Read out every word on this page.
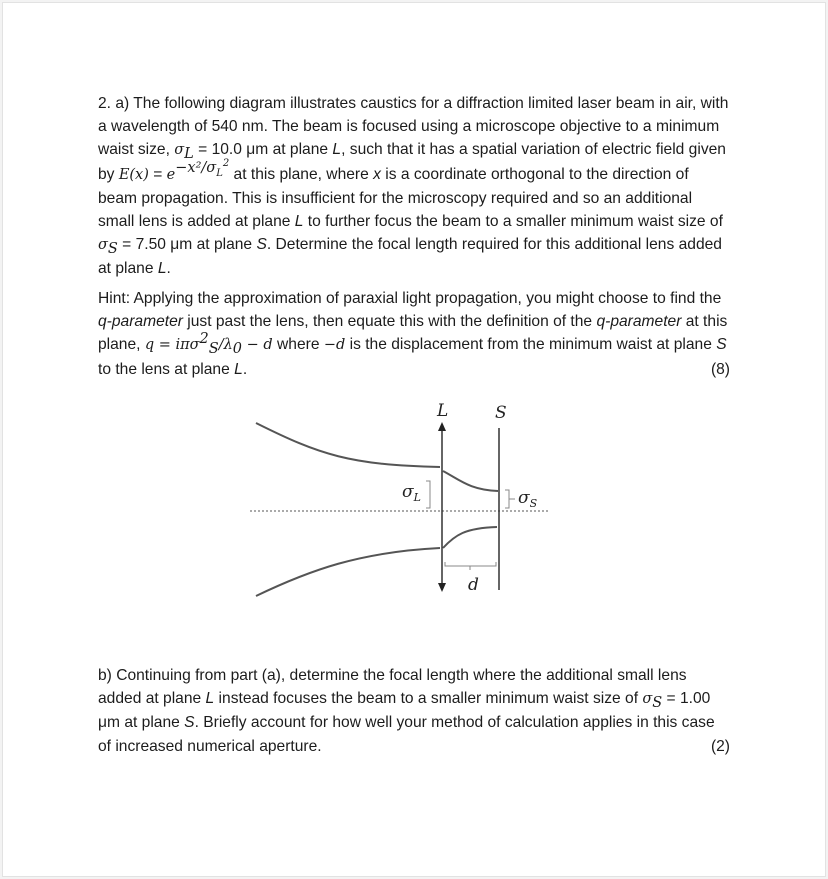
2. a) The following diagram illustrates caustics for a diffraction limited laser beam in air, with a wavelength of 540 nm. The beam is focused using a microscope objective to a minimum waist size, $\sigma_L = 10.0$ μm at plane L, such that it has a spatial variation of electric field given by $E(x) = e^{-x^2/\sigma_L^2}$ at this plane, where x is a coordinate orthogonal to the direction of beam propagation. This is insufficient for the microscopy required and so an additional small lens is added at plane L to further focus the beam to a smaller minimum waist size of $\sigma_S = 7.50$ μm at plane S. Determine the focal length required for this additional lens added at plane L.
Hint: Applying the approximation of paraxial light propagation, you might choose to find the q-parameter just past the lens, then equate this with the definition of the q-parameter at this plane, $q = i\pi\sigma^2_S/\lambda_0 - d$ where −d is the displacement from the minimum waist at plane S to the lens at plane L.	(8)
L	S
$\sigma_L$	$\sigma_S$
d
b) Continuing from part (a), determine the focal length where the additional small lens added at plane L instead focuses the beam to a smaller minimum waist size of $\sigma_S = 1.00$ μm at plane S. Briefly account for how well your method of calculation applies in this case of increased numerical aperture.	(2)
